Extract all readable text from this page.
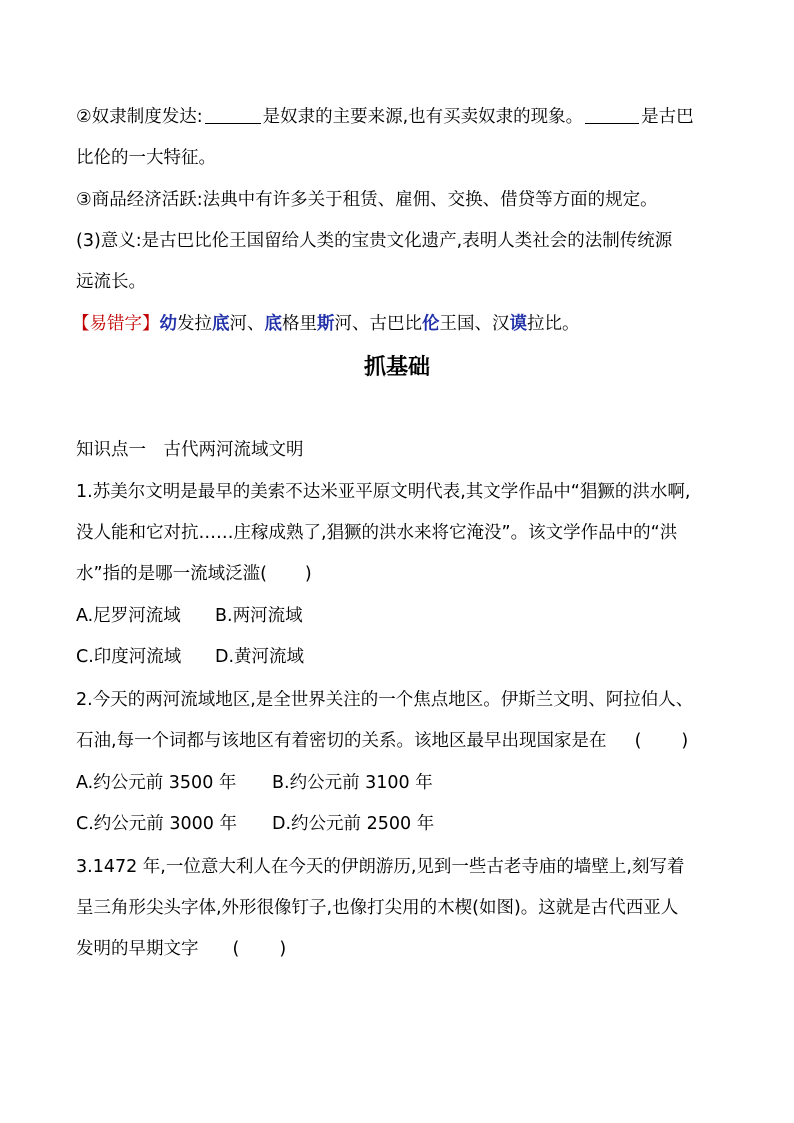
②奴隶制度发达:	是奴隶的主要来源,也有买卖奴隶的现象。	是古巴
比伦的一大特征。
③商品经济活跃:法典中有许多关于租赁、雇佣、交换、借贷等方面的规定。
(3)意义:是古巴比伦王国留给人类的宝贵文化遗产,表明人类社会的法制传统源
远流长。
【易错字】幼发拉底河、底格里斯河、古巴比伦王国、汉谟拉比。
抓基础
知识点一　古代两河流域文明
1.苏美尔文明是最早的美索不达米亚平原文明代表,其文学作品中“猖獗的洪水啊,
没人能和它对抗……庄稼成熟了,猖獗的洪水来将它淹没”。该文学作品中的“洪
水”指的是哪一流域泛滥( )
A.尼罗河流域 B.两河流域
C.印度河流域 D.黄河流域
2.今天的两河流域地区,是全世界关注的一个焦点地区。伊斯兰文明、阿拉伯人、
石油,每一个词都与该地区有着密切的关系。该地区最早出现国家是在 ( )
A.约公元前 3500 年 B.约公元前 3100 年
C.约公元前 3000 年 D.约公元前 2500 年
3.1472 年,一位意大利人在今天的伊朗游历,见到一些古老寺庙的墙壁上,刻写着
呈三角形尖头字体,外形很像钉子,也像打尖用的木楔(如图)。这就是古代西亚人
发明的早期文字 ( )
